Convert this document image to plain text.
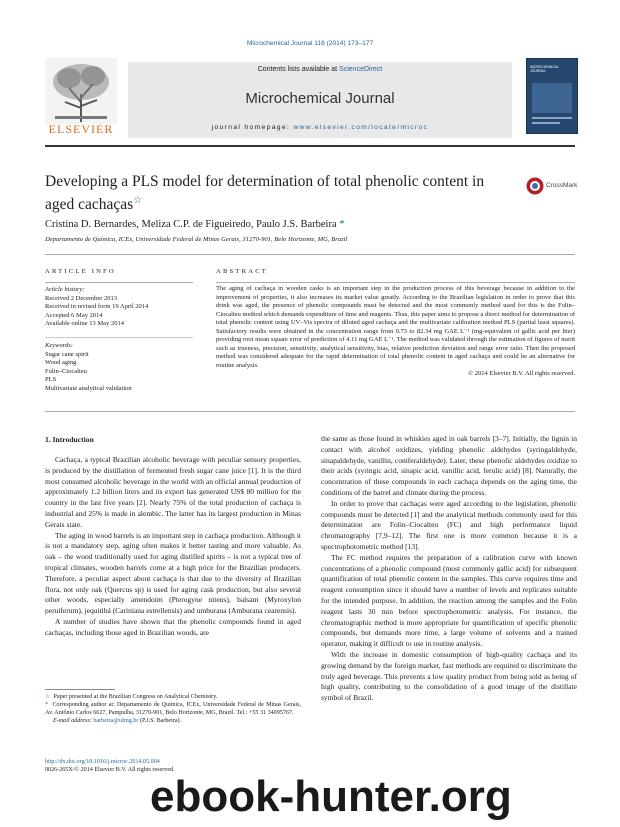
Microchemical Journal 116 (2014) 173–177
ELSEVIER
Contents lists available at ScienceDirect
Microchemical Journal
journal homepage: www.elsevier.com/locate/microc
MICROCHEMICAL JOURNAL
Developing a PLS model for determination of total phenolic content in aged cachaças☆
CrossMark
Cristina D. Bernardes, Meliza C.P. de Figueiredo, Paulo J.S. Barbeira *
Departamento de Química, ICEx, Universidade Federal de Minas Gerais, 31270-901, Belo Horizonte, MG, Brazil
ARTICLE INFO
Article history:
Received 2 December 2013
Received in revised form 19 April 2014
Accepted 6 May 2014
Available online 13 May 2014
Keywords:
Sugar cane spirit
Wood aging
Folin–Ciocalteu
PLS
Multivariate analytical validation
ABSTRACT
The aging of cachaça in wooden casks is an important step in the production process of this beverage because in addition to the improvement of properties, it also increases its market value greatly. According to the Brazilian legislation in order to prove that this drink was aged, the presence of phenolic compounds must be detected and the most commonly method used for this is the Folin–Ciocalteu method which demands expenditure of time and reagents. Thus, this paper aims to propose a direct method for determination of total phenolic content using UV–Vis spectra of diluted aged cachaça and the multivariate calibration method PLS (partial least squares). Satisfactory results were obtained in the concentration range from 0.73 to 82.34 mg GAE L⁻¹ (mg-equivalent of gallic acid per liter) providing root mean square error of prediction of 4.11 mg GAE L⁻¹. The method was validated through the estimation of figures of merit such as trueness, precision, sensitivity, analytical sensitivity, bias, relative prediction deviation and range error ratio. Then the proposed method was considered adequate for the rapid determination of total phenolic content in aged cachaça and could be an alternative for routine analysis.
© 2014 Elsevier B.V. All rights reserved.
1. Introduction

Cachaça, a typical Brazilian alcoholic beverage with peculiar sensory properties, is produced by the distillation of fermented fresh sugar cane juice [1]. It is the third most consumed alcoholic beverage in the world with an official annual production of approximately 1.2 billion liters and its export has generated US$ 80 million for the country in the last five years [2]. Nearly 75% of the total production of cachaça is industrial and 25% is made in alembic. The latter has its largest production in Minas Gerais state.

The aging in wood barrels is an important step in cachaça production. Although it is not a mandatory step, aging often makes it better tasting and more valuable. As oak – the wood traditionally used for aging distilled spirits – is not a typical tree of tropical climates, wooden barrels come at a high price for the Brazilian producers. Therefore, a peculiar aspect about cachaça is that due to the diversity of Brazilian flora, not only oak (Quercus sp) is used for aging cask production, but also several other woods, especially amendoim (Pterogyne nitens), balsam (Myroxylon peruiferum), jequitibá (Cariniana estrellensis) and umburana (Amburana cearensis).

A number of studies have shown that the phenolic compounds found in aged cachaças, including those aged in Brazilian woods, are

the same as those found in whiskies aged in oak barrels [3–7]. Initially, the lignin in contact with alcohol oxidizes, yielding phenolic aldehydes (syringaldehyde, sinapaldehyde, vanillin, coniferaldehyde). Later, these phenolic aldehydes oxidize to their acids (syringic acid, sinapic acid, vanillic acid, ferulic acid) [8]. Naturally, the concentration of these compounds in each cachaça depends on the aging time, the conditions of the barrel and climate during the process.

In order to prove that cachaças were aged according to the legislation, phenolic compounds must be detected [1] and the analytical methods commonly used for this determination are Folin–Ciocalteu (FC) and high performance liquid chromatography [7,9–12]. The first one is more common because it is a spectrophotometric method [13].

The FC method requires the preparation of a calibration curve with known concentrations of a phenolic compound (most commonly gallic acid) for subsequent quantification of total phenolic content in the samples. This curve requires time and reagent consumption since it should have a number of levels and replicates suitable for the intended purpose. In addition, the reaction among the samples and the Folin reagent lasts 30 min before spectrophotometric analysis. For instance, the chromatographic method is more appropriate for quantification of specific phenolic compounds, but demands more time, a large volume of solvents and a trained operator, making it difficult to use in routine analysis.

With the increase in domestic consumption of high-quality cachaça and its growing demand by the foreign market, fast methods are required to discriminate the truly aged beverage. This prevents a low quality product from being sold as being of high quality, contributing to the consolidation of a good image of the distillate symbol of Brazil.

☆ Paper presented at the Brazilian Congress on Analytical Chemistry.
* Corresponding author at: Departamento de Química, ICEx, Universidade Federal de Minas Gerais, Av. Antônio Carlos 6627, Pampulha, 31270-901, Belo Horizonte, MG, Brazil. Tel.: +55 31 34095767.
E-mail address: barbeira@ufmg.br (P.J.S. Barbeira).
http://dx.doi.org/10.1016/j.microc.2014.05.004
0026-265X/© 2014 Elsevier B.V. All rights reserved.
ebook-hunter.org
